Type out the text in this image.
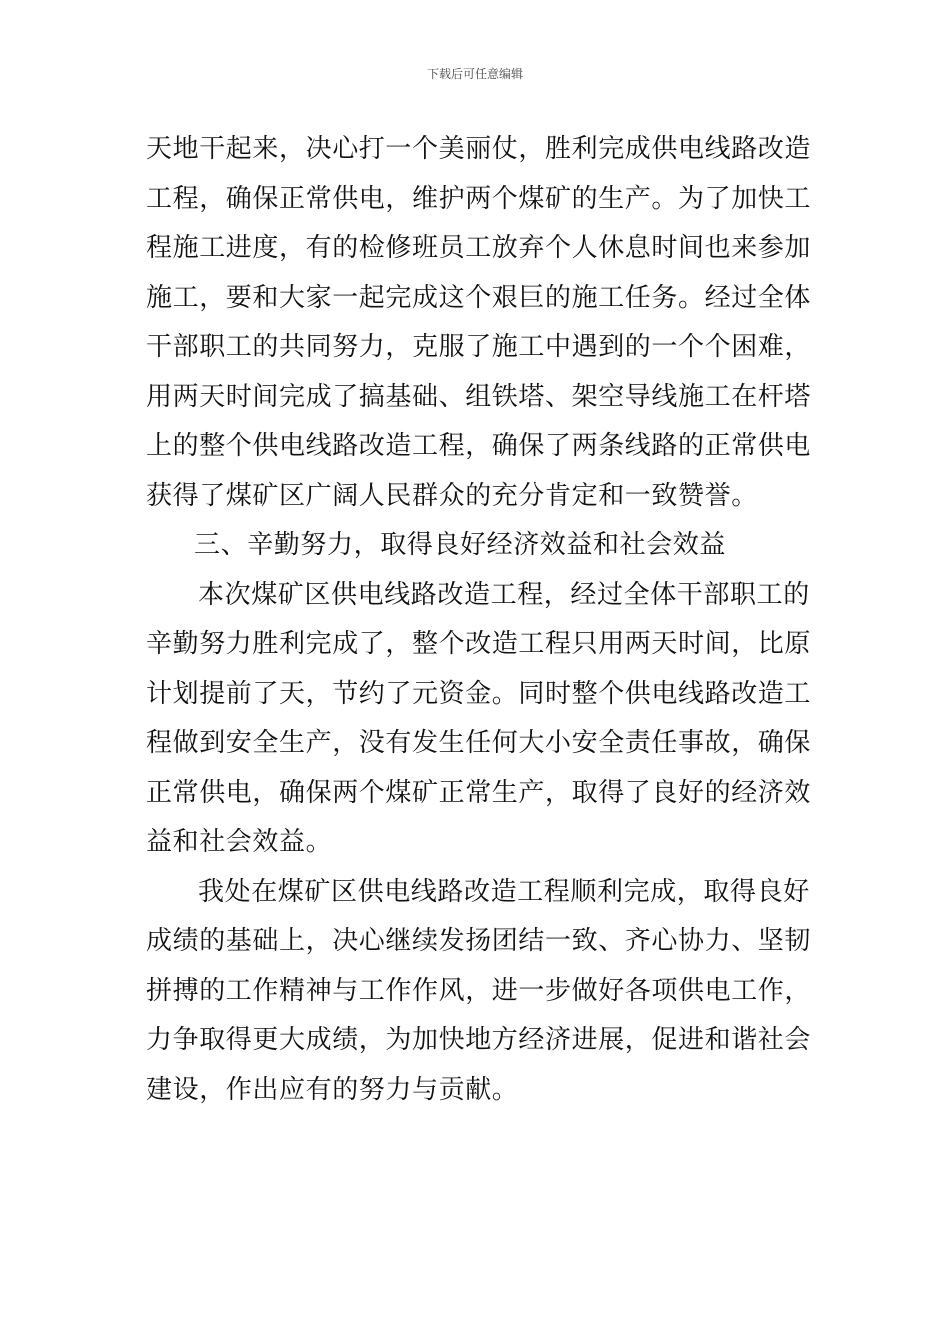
下载后可任意编辑
天地干起来，决心打一个美丽仗，胜利完成供电线路改造
工程，确保正常供电，维护两个煤矿的生产。为了加快工
程施工进度，有的检修班员工放弃个人休息时间也来参加
施工，要和大家一起完成这个艰巨的施工任务。经过全体
干部职工的共同努力，克服了施工中遇到的一个个困难，
用两天时间完成了搞基础、组铁塔、架空导线施工在杆塔
上的整个供电线路改造工程，确保了两条线路的正常供电
获得了煤矿区广阔人民群众的充分肯定和一致赞誉。
三、辛勤努力，取得良好经济效益和社会效益
本次煤矿区供电线路改造工程，经过全体干部职工的
辛勤努力胜利完成了，整个改造工程只用两天时间，比原
计划提前了天，节约了元资金。同时整个供电线路改造工
程做到安全生产，没有发生任何大小安全责任事故，确保
正常供电，确保两个煤矿正常生产，取得了良好的经济效
益和社会效益。
我处在煤矿区供电线路改造工程顺利完成，取得良好
成绩的基础上，决心继续发扬团结一致、齐心协力、坚韧
拼搏的工作精神与工作作风，进一步做好各项供电工作，
力争取得更大成绩，为加快地方经济进展，促进和谐社会
建设，作出应有的努力与贡献。
